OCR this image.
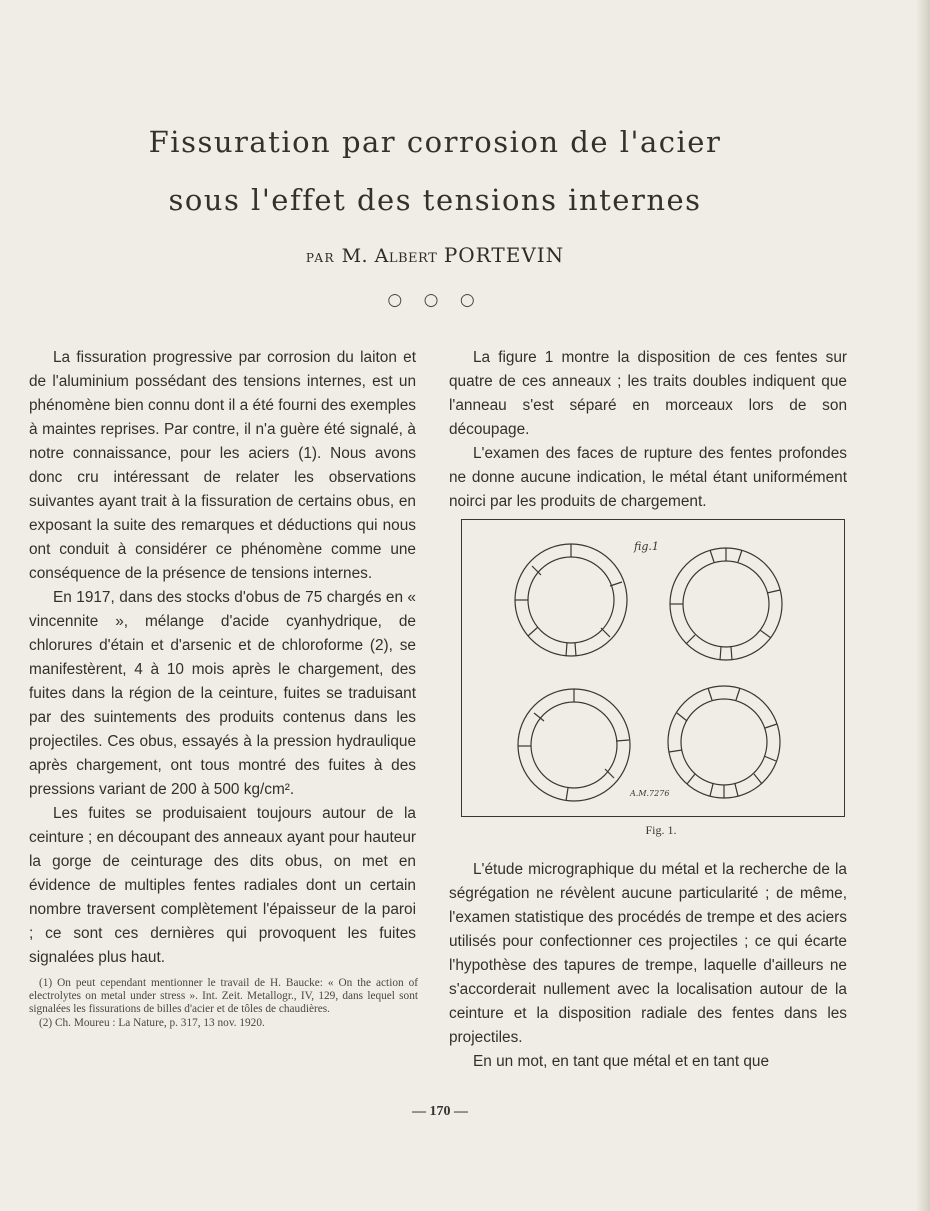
Fissuration par corrosion de l'acier
sous l'effet des tensions internes
PAR M. Albert PORTEVIN
○ ○ ○

La fissuration progressive par corrosion du laiton et de l'aluminium possédant des tensions internes, est un phénomène bien connu dont il a été fourni des exemples à maintes reprises. Par contre, il n'a guère été signalé, à notre connaissance, pour les aciers (1). Nous avons donc cru intéressant de relater les observations suivantes ayant trait à la fissuration de certains obus, en exposant la suite des remarques et déductions qui nous ont conduit à considérer ce phénomène comme une conséquence de la présence de tensions internes.

En 1917, dans des stocks d'obus de 75 chargés en « vincennite », mélange d'acide cyanhydrique, de chlorures d'étain et d'arsenic et de chloroforme (2), se manifestèrent, 4 à 10 mois après le chargement, des fuites dans la région de la ceinture, fuites se traduisant par des suintements des produits contenus dans les projectiles. Ces obus, essayés à la pression hydraulique après chargement, ont tous montré des fuites à des pressions variant de 200 à 500 kg/cm².

Les fuites se produisaient toujours autour de la ceinture ; en découpant des anneaux ayant pour hauteur la gorge de ceinturage des dits obus, on met en évidence de multiples fentes radiales dont un certain nombre traversent complètement l'épaisseur de la paroi ; ce sont ces dernières qui provoquent les fuites signalées plus haut.

(1) On peut cependant mentionner le travail de H. Baucke: « On the action of electrolytes on metal under stress ». Int. Zeit. Metallogr., IV, 129, dans lequel sont signalées les fissurations de billes d'acier et de tôles de chaudières.

(2) Ch. Moureu : La Nature, p. 317, 13 nov. 1920.

La figure 1 montre la disposition de ces fentes sur quatre de ces anneaux ; les traits doubles indiquent que l'anneau s'est séparé en morceaux lors de son découpage.

L'examen des faces de rupture des fentes profondes ne donne aucune indication, le métal étant uniformément noirci par les produits de chargement.

fig.1
A.M.7276
Fig. 1.

L'étude micrographique du métal et la recherche de la ségrégation ne révèlent aucune particularité ; de même, l'examen statistique des procédés de trempe et des aciers utilisés pour confectionner ces projectiles ; ce qui écarte l'hypothèse des tapures de trempe, laquelle d'ailleurs ne s'accorderait nullement avec la localisation autour de la ceinture et la disposition radiale des fentes dans les projectiles.

En un mot, en tant que métal et en tant que

— 170 —
